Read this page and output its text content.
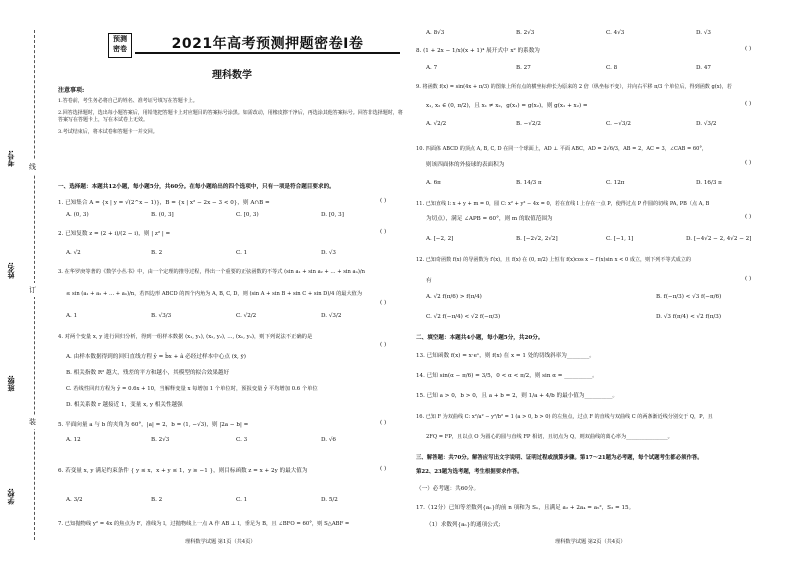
考号:
姓名:
班级:
学校:
线
订
装
预测 密卷	2021年高考预测押题密卷Ⅰ卷
理科数学
注意事项:

1.答卷前，考生务必将自己的姓名、准考证号填写在答题卡上。

2.回答选择题时，选出每小题答案后，用铅笔把答题卡上对应题目的答案标号涂黑。如需改动，用橡皮擦干净后，再选涂其他答案标号。回答非选择题时，将答案写在答题卡上，写在本试卷上无效。

3.考试结束后，将本试卷和答题卡一并交回。

一、选择题：本题共12小题，每小题5分，共60分。在每小题给出的四个选项中，只有一项是符合题目要求的。
1. 已知集合 A = {x | y = √(2^x − 1)}，B = {x | x² − 2x − 3 < 0}，则 A∩B =	( )
A. (0, 3)	B. (0, 3]	C. [0, 3)	D. [0, 3]
2. 已知复数 z = (2 + i)/(2 − i)，则 | z² | =	( )
A. √2	B. 2	C. 1	D. √3
3. 在华罗庚等著的《数学小丛书》中，由一个定理的推导过程，得出一个重要的正弦函数的不等式 (sin a₁ + sin a₂ + … + sin aₙ)/n
≤ sin (a₁ + a₂ + … + aₙ)/n，若四边形 ABCD 的四个内角为 A, B, C, D，则 (sin A + sin B + sin C + sin D)/4 的最大值为
( )
A. 1	B. √3/3	C. √2/2	D. √3/2
4. 对两个变量 x, y 进行回归分析，得到一组样本数据 (x₁, y₁), (x₂, y₂), …, (xₙ, yₙ)，则下列说法不正确的是
( )
A. 由样本数据得到的回归直线方程 ŷ = b̂x + â 必经过样本中心点 (x̄, ȳ)
B. 相关指数 R² 越大，残差的平方和越小，其模型的拟合效果越好
C. 若线性回归方程为 ŷ = 0.6x + 10，当解释变量 x 每增加 1 个单位时，预报变量 ŷ 平均增加 0.6 个单位
D. 相关系数 r 越接近 1，变量 x, y 相关性越强
5. 平面向量 a 与 b 的夹角为 60°，|a| = 2，b = (1, −√3)，则 |2a − b| =	( )
A. 12	B. 2√3	C. 3	D. √6
6. 若变量 x, y 满足约束条件 { y ≤ x，x + y ≤ 1，y ≥ −1 }，则目标函数 z = x + 2y 的最大值为	( )
A. 3/2	B. 2	C. 1	D. 5/2
7. 已知抛物线 y² = 4x 的焦点为 F，准线为 l，过抛物线上一点 A 作 AB ⊥ l，垂足为 B，且 ∠BFO = 60°，则 S△ABF =
理科数学试题 第1页（共4页）
A. 8√3	B. 2√3	C. 4√3	D. √3
8. (1 + 2x − 1/x)(x + 1)⁴ 展开式中 x² 的系数为	( )
A. 7	B. 27	C. 8	D. 47
9. 将函数 f(x) = sin(4x + π/3) 的图象上所有点的横坐标伸长为原来的 2 倍（纵坐标不变），并向右平移 π/3 个单位后，得到函数 g(x)，若
x₁, x₂ ∈ (0, π/2)，且 x₁ ≠ x₂，g(x₁) = g(x₂)，则 g(x₁ + x₂) =	( )
A. √2/2	B. −√2/2	C. −√3/2	D. √3/2
10. 四面体 ABCD 的顶点 A, B, C, D 在同一个球面上，AD ⊥ 平面 ABC，AD = 2√6/3，AB = 2，AC = 3，∠CAB = 60°，
则该四面体的外接球的表面积为	( )
A. 6π	B. 14/3 π	C. 12π	D. 16/3 π
11. 已知直线 l: x + y + m = 0，圆 C: x² + y² − 4x = 0，若在直线 l 上存在一点 P，使得过点 P 作圆的切线 PA, PB（点 A, B
为切点），满足 ∠APB = 60°，则 m 的取值范围为	( )
A. [−2, 2]	B. [−2√2, 2√2]	C. [−1, 1]	D. [−4√2 − 2, 4√2 − 2]
12. 已知奇函数 f(x) 的导函数为 f′(x)，且 f(x) 在 (0, π/2) 上恒有 f(x)cos x − f′(x)sin x < 0 成立，则下列不等式成立的
有	( )
A. √2 f(π/6) > f(π/4)	B. f(−π/3) < √3 f(−π/6)
C. √2 f(−π/4) < √2 f(−π/3)	D. √3 f(π/4) < √2 f(π/3)
二、填空题：本题共4小题，每小题5分，共20分。
13. 已知函数 f(x) = x·eˣ，则 f(x) 在 x = 1 处的切线斜率为________。
14. 已知 sin(α − π/6) = 3/5，0 < α < π/2，则 sin α = __________。
15. 已知 a > 0，b > 0，且 a + b = 2，则 1/a + 4/b 的最小值为__________。
16. 已知 F 为双曲线 C: x²/a² − y²/b² = 1 (a > 0, b > 0) 的左焦点，过点 F 的直线与双曲线 C 的两条渐近线分别交于 Q，P，且
2FQ = FP，且以点 O 为圆心的圆与直线 FP 相切，且切点为 Q，则双曲线的离心率为________________。
三、解答题：共70分。解答应写出文字说明、证明过程或演算步骤。第17～21题为必考题，每个试题考生都必须作答。
第22、23题为选考题，考生根据要求作答。
（一）必考题：共60分。
17.（12分）已知等差数列{aₙ}的前 n 项和为 Sₙ，且满足 a₂ + 2a₄ = a₅²，S₃ = 15。
（1）求数列{aₙ}的通项公式;
理科数学试题 第2页（共4页）
